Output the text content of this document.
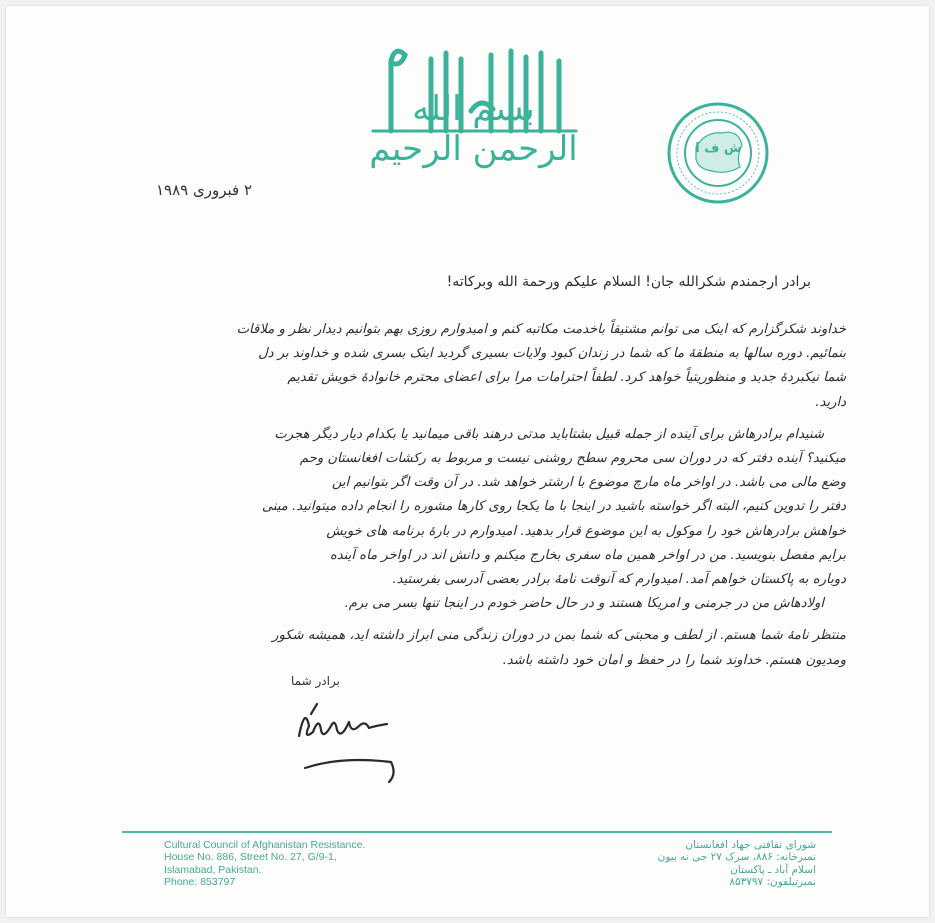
بسم الله الرحمن الرحیم	ش ف ا
۲ فبروری ۱۹۸۹
برادر ارجمندم شکرالله جان! السلام علیکم ورحمة الله وبرکاته!
خداوند شکرگزارم که اینک می توانم مشتیقاً باخدمت مکاتبه کنم و امیدوارم روزی بهم بتوانیم دیدار نظر و ملاقات
بنمائیم. دوره سالها به منطقهٔ ما که شما در زندان کبود ولایات بسیری گردید اینک بسری شده و خداوند بر دل
شما نیکبردهٔ جدید و منظوریتیاً خواهد کرد. لطفاً احترامات مرا برای اعضای محترم خانوادهٔ خویش تقدیم
دارید.
شنیدام برادرهاش برای آینده از جمله قبیل بشتاباید مدتی درهند باقی میمانید یا بکدام دیار دیگر هجرت
میکنید؟ آینده دفتر که در دوران سی محروم سطح روشنی نیست و مربوط به رکشات افغانستان وحم
وضع مالی می باشد. در اواخر ماه مارچ موضوع با ارشتر خواهد شد. در آن وقت اگر بتوانیم این
دفتر را تدوین کنیم، البته اگر خواسته باشید در اینجا با ما یکجا روی کارها مشوره را انجام داده میتوانید. مینی
خواهش برادرهاش خود را موکول به این موضوع قرار بدهید. امیدوارم در بارهٔ برنامه های خویش
برایم مفصل بنویسید. من در اواخر همین ماه سفری بخارج میکنم و دانش اند در اواخر ماه آینده
دوباره به پاکستان خواهم آمد. امیدوارم که آنوقت نامهٔ برادر بعضی آدرسی بفرستید.
اولادهاش من در جرمنی و امریکا هستند و در حال حاضر خودم در اینجا تنها بسر می برم.
منتظر نامهٔ شما هستم. از لطف و محبتی که شما بمن در دوران زندگی منی ابراز داشته اید، همیشه شکور
ومدیون هستم. خداوند شما را در حفظ و امان خود داشته باشد.
برادر شما
Cultural Council of Afghanistan Resistance.
House No. 886, Street No. 27, G/9-1,
Islamabad, Pakistan.
Phone: 853797
شورای ثقافتی جهاد افغانستان
نمبرخانه: ۸۸۶، سرک ۲۷ جی نه ییون
اسلام آباد ـ پاکستان
نمبرتیلفون: ۸۵۳۷۹۷
